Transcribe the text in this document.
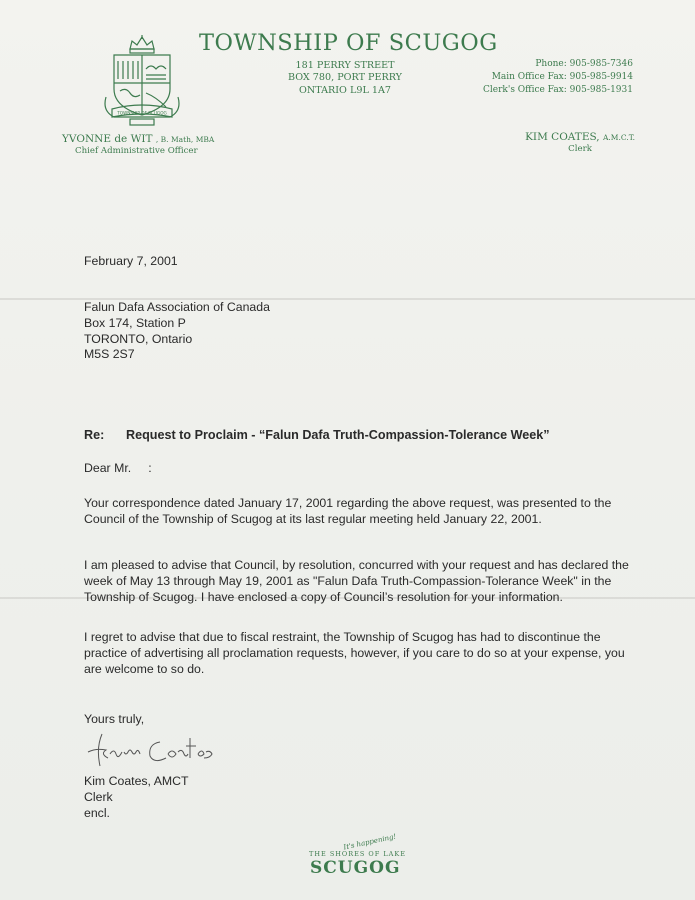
TOWNSHIP OF SCUGOG
TOWNSHIP OF SCUGOG
181 PERRY STREET
BOX 780, PORT PERRY
ONTARIO L9L 1A7
Phone: 905-985-7346
Main Office Fax: 905-985-9914
Clerk's Office Fax: 905-985-1931
YVONNE de WIT , B. Math, MBA
Chief Administrative Officer
KIM COATES, A.M.C.T.
Clerk
February 7, 2001
Falun Dafa Association of Canada
Box 174, Station P
TORONTO, Ontario
M5S 2S7
Re: Request to Proclaim - “Falun Dafa Truth-Compassion-Tolerance Week”
Dear Mr.     :
Your correspondence dated January 17, 2001 regarding the above request, was presented to the Council of the Township of Scugog at its last regular meeting held January 22, 2001.
I am pleased to advise that Council, by resolution, concurred with your request and has declared the week of May 13 through May 19, 2001 as "Falun Dafa Truth-Compassion-Tolerance Week" in the Township of Scugog. I have enclosed a copy of Council’s resolution for your information.
I regret to advise that due to fiscal restraint, the Township of Scugog has had to discontinue the practice of advertising all proclamation requests, however, if you care to do so at your expense, you are welcome to so do.
Yours truly,
Kim Coates, AMCT
Clerk
encl.
It's happening!
THE SHORES OF LAKE
SCUGOG
